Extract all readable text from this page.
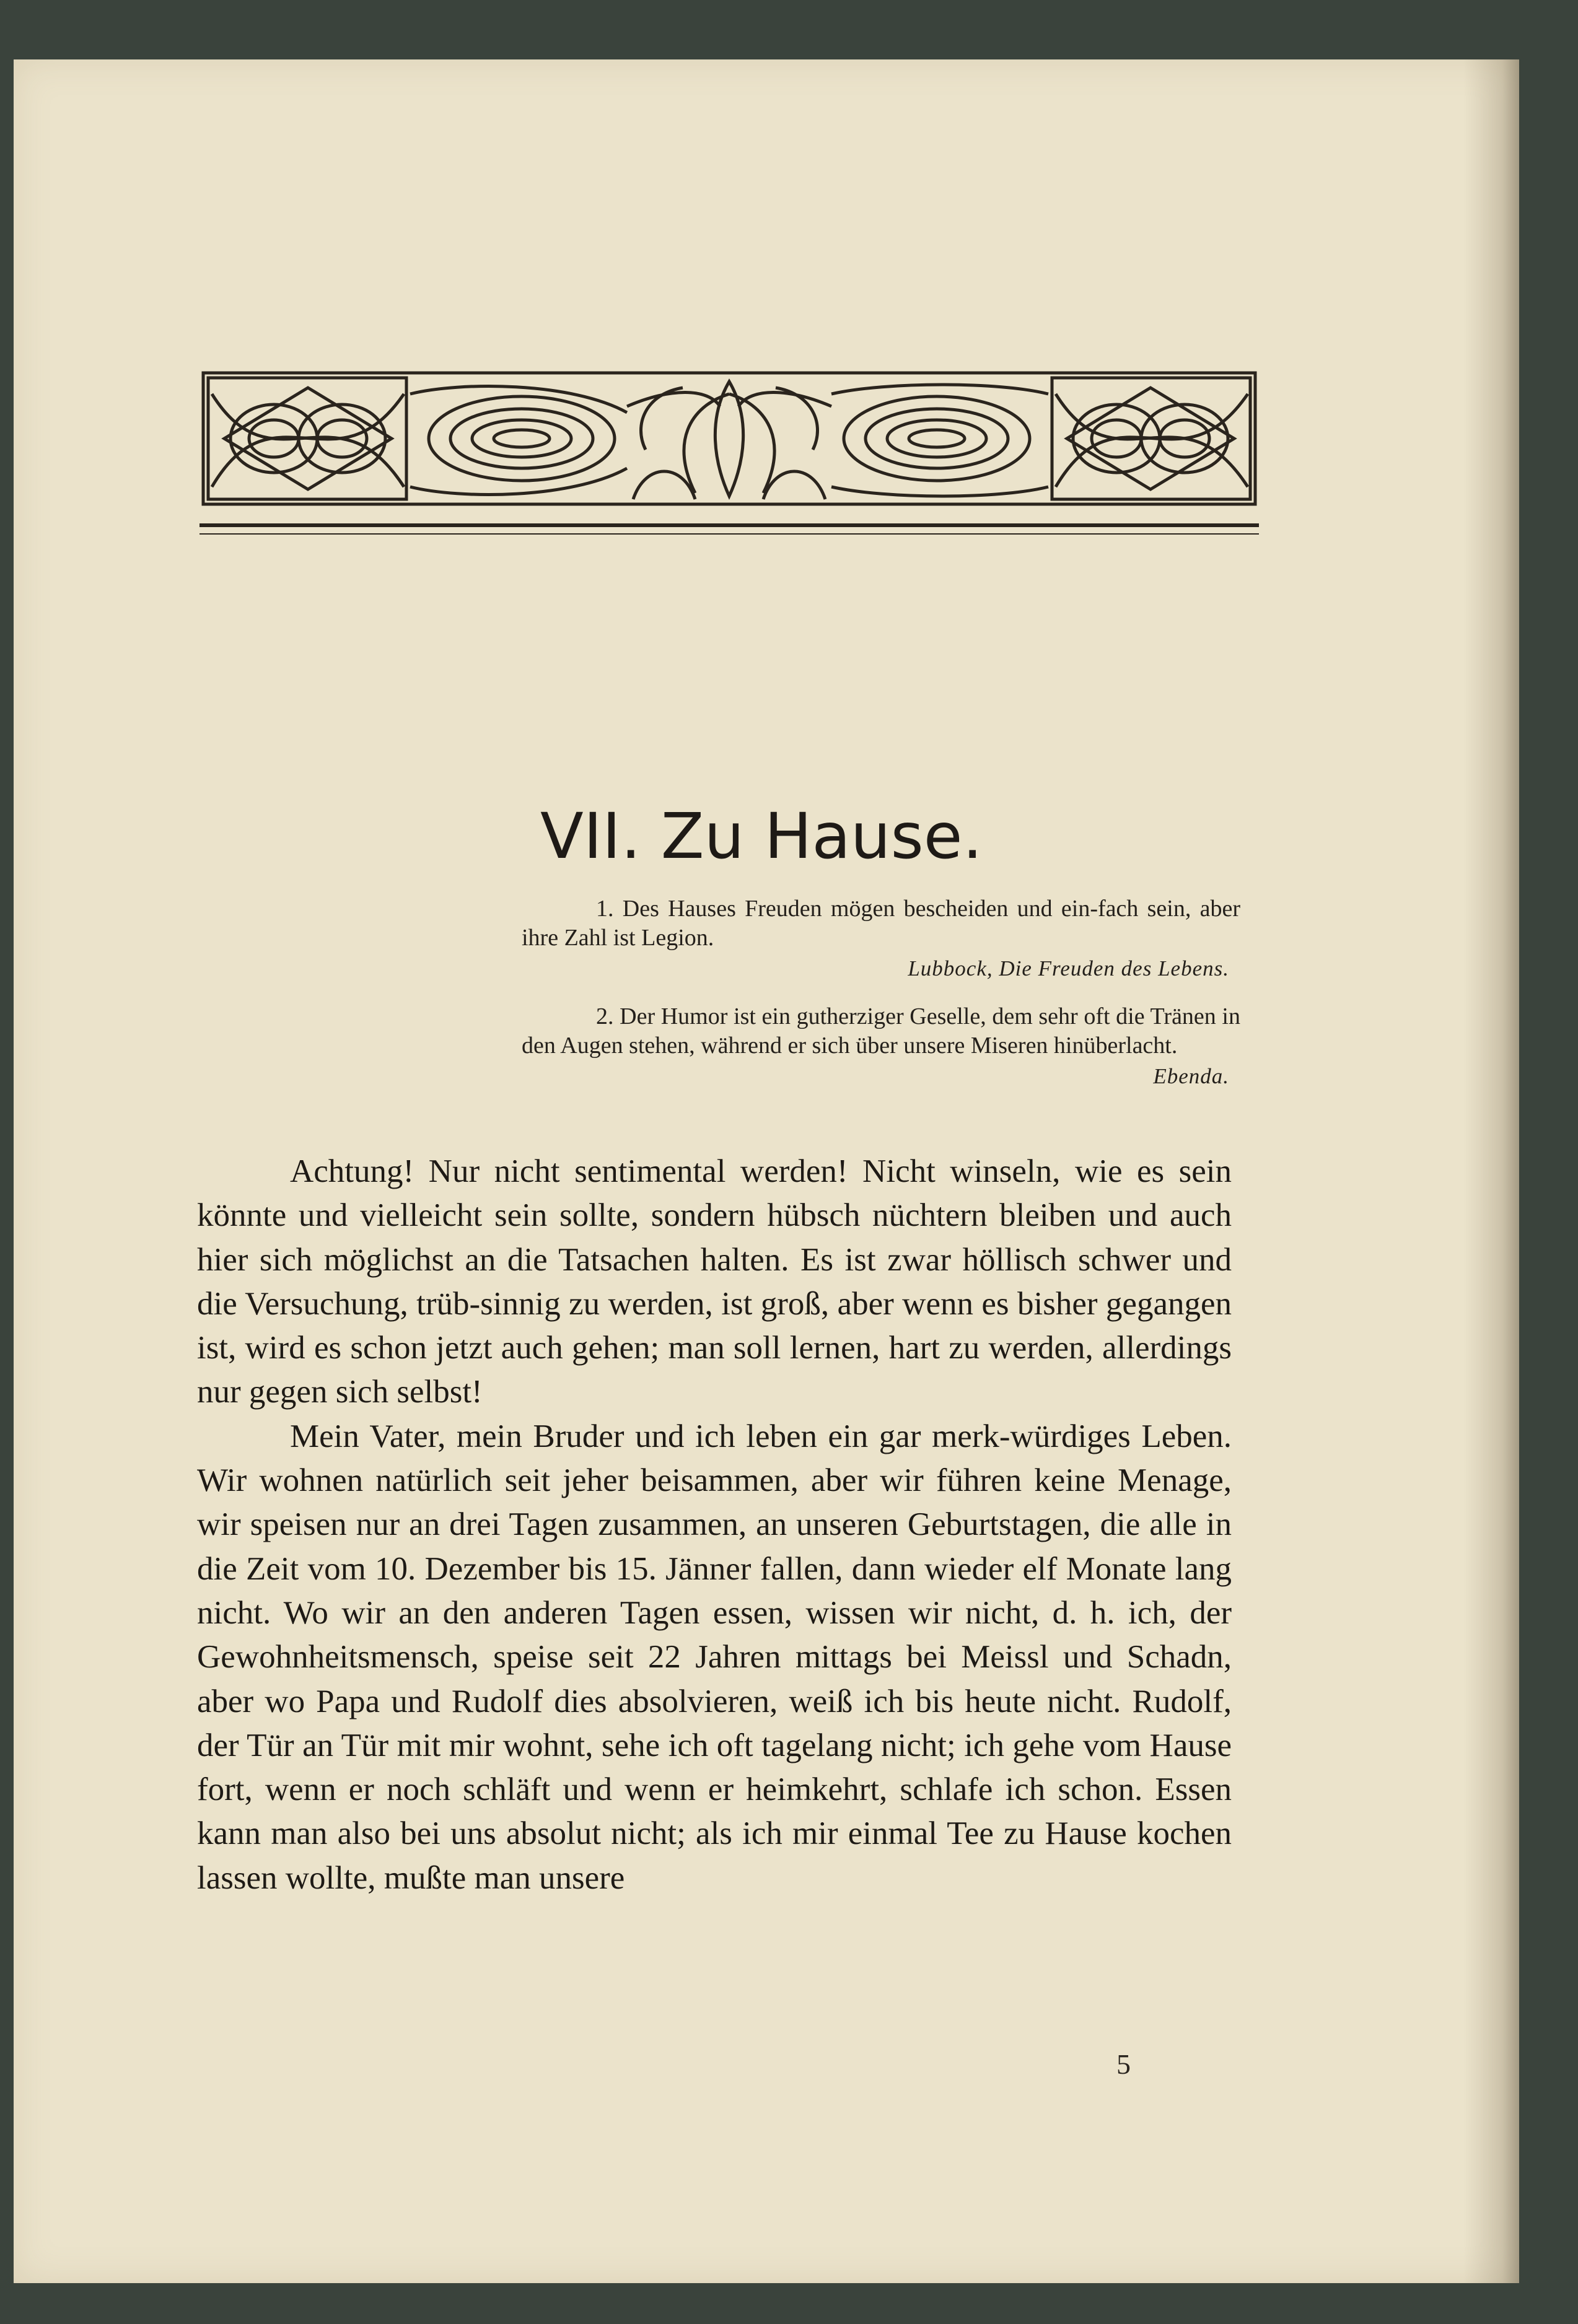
VII. Zu Hause.

1. Des Hauses Freuden mögen bescheiden und ein-fach sein, aber ihre Zahl ist Legion.

Lubbock, Die Freuden des Lebens.

2. Der Humor ist ein gutherziger Geselle, dem sehr oft die Tränen in den Augen stehen, während er sich über unsere Miseren hinüberlacht.

Ebenda.

Achtung! Nur nicht sentimental werden! Nicht winseln, wie es sein könnte und vielleicht sein sollte, sondern hübsch nüchtern bleiben und auch hier sich möglichst an die Tatsachen halten. Es ist zwar höllisch schwer und die Versuchung, trüb-sinnig zu werden, ist groß, aber wenn es bisher gegangen ist, wird es schon jetzt auch gehen; man soll lernen, hart zu werden, allerdings nur gegen sich selbst!

Mein Vater, mein Bruder und ich leben ein gar merk-würdiges Leben. Wir wohnen natürlich seit jeher beisammen, aber wir führen keine Menage, wir speisen nur an drei Tagen zusammen, an unseren Geburtstagen, die alle in die Zeit vom 10. Dezember bis 15. Jänner fallen, dann wieder elf Monate lang nicht. Wo wir an den anderen Tagen essen, wissen wir nicht, d. h. ich, der Gewohnheitsmensch, speise seit 22 Jahren mittags bei Meissl und Schadn, aber wo Papa und Rudolf dies absolvieren, weiß ich bis heute nicht. Rudolf, der Tür an Tür mit mir wohnt, sehe ich oft tagelang nicht; ich gehe vom Hause fort, wenn er noch schläft und wenn er heimkehrt, schlafe ich schon. Essen kann man also bei uns absolut nicht; als ich mir einmal Tee zu Hause kochen lassen wollte, mußte man unsere

5
